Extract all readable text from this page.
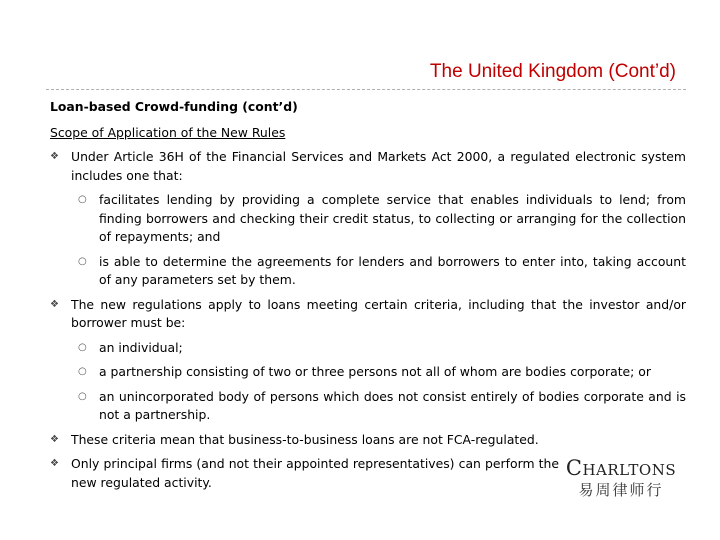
The United Kingdom (Cont’d)
Loan-based Crowd-funding (cont’d)
Scope of Application of the New Rules
❖ Under Article 36H of the Financial Services and Markets Act 2000, a regulated electronic system includes one that:
○ facilitates lending by providing a complete service that enables individuals to lend; from finding borrowers and checking their credit status, to collecting or arranging for the collection of repayments; and
○ is able to determine the agreements for lenders and borrowers to enter into, taking account of any parameters set by them.
❖ The new regulations apply to loans meeting certain criteria, including that the investor and/or borrower must be:
○ an individual;
○ a partnership consisting of two or three persons not all of whom are bodies corporate; or
○ an unincorporated body of persons which does not consist entirely of bodies corporate and is not a partnership.
❖ These criteria mean that business-to-business loans are not FCA-regulated.
❖ Only principal firms (and not their appointed representatives) can perform the new regulated activity.
Charltons
易周律师行
